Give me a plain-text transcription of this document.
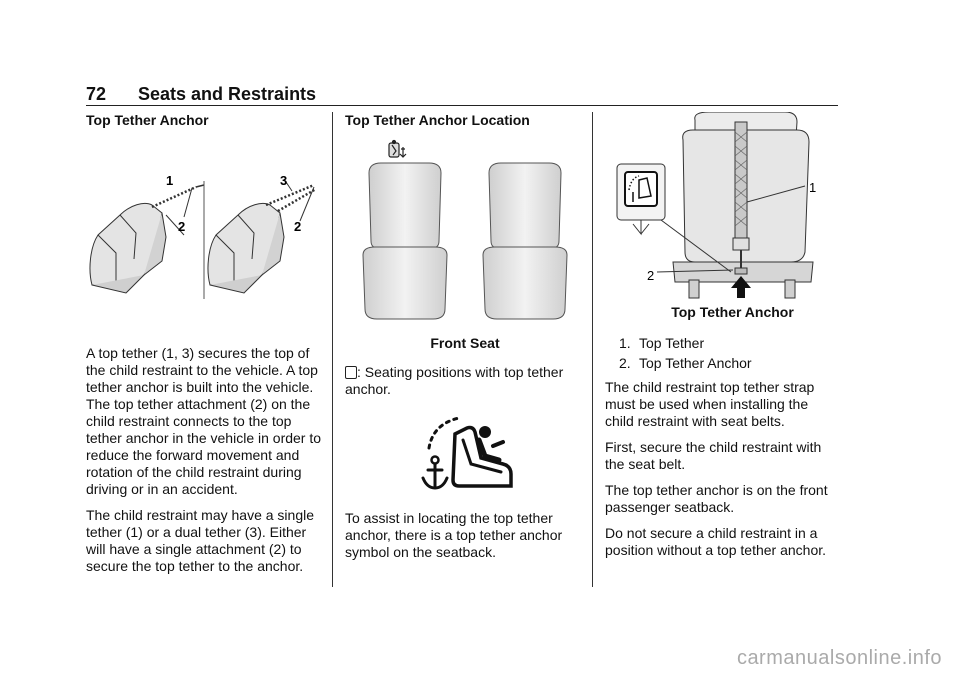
72 Seats and Restraints
Top Tether Anchor
1
2
3
2

A top tether (1, 3) secures the top of the child restraint to the vehicle. A top tether anchor is built into the vehicle. The top tether attachment (2) on the child restraint connects to the top tether anchor in the vehicle in order to reduce the forward movement and rotation of the child restraint during driving or in an accident.

The child restraint may have a single tether (1) or a dual tether (3). Either will have a single attachment (2) to secure the top tether to the anchor.

Top Tether Anchor Location
Front Seat

: Seating positions with top tether anchor.

To assist in locating the top tether anchor, there is a top tether anchor symbol on the seatback.

1
2
Top Tether Anchor
1. Top Tether
2. Top Tether Anchor

The child restraint top tether strap must be used when installing the child restraint with seat belts.

First, secure the child restraint with the seat belt.

The top tether anchor is on the front passenger seatback.

Do not secure a child restraint in a position without a top tether anchor.

carmanualsonline.info
